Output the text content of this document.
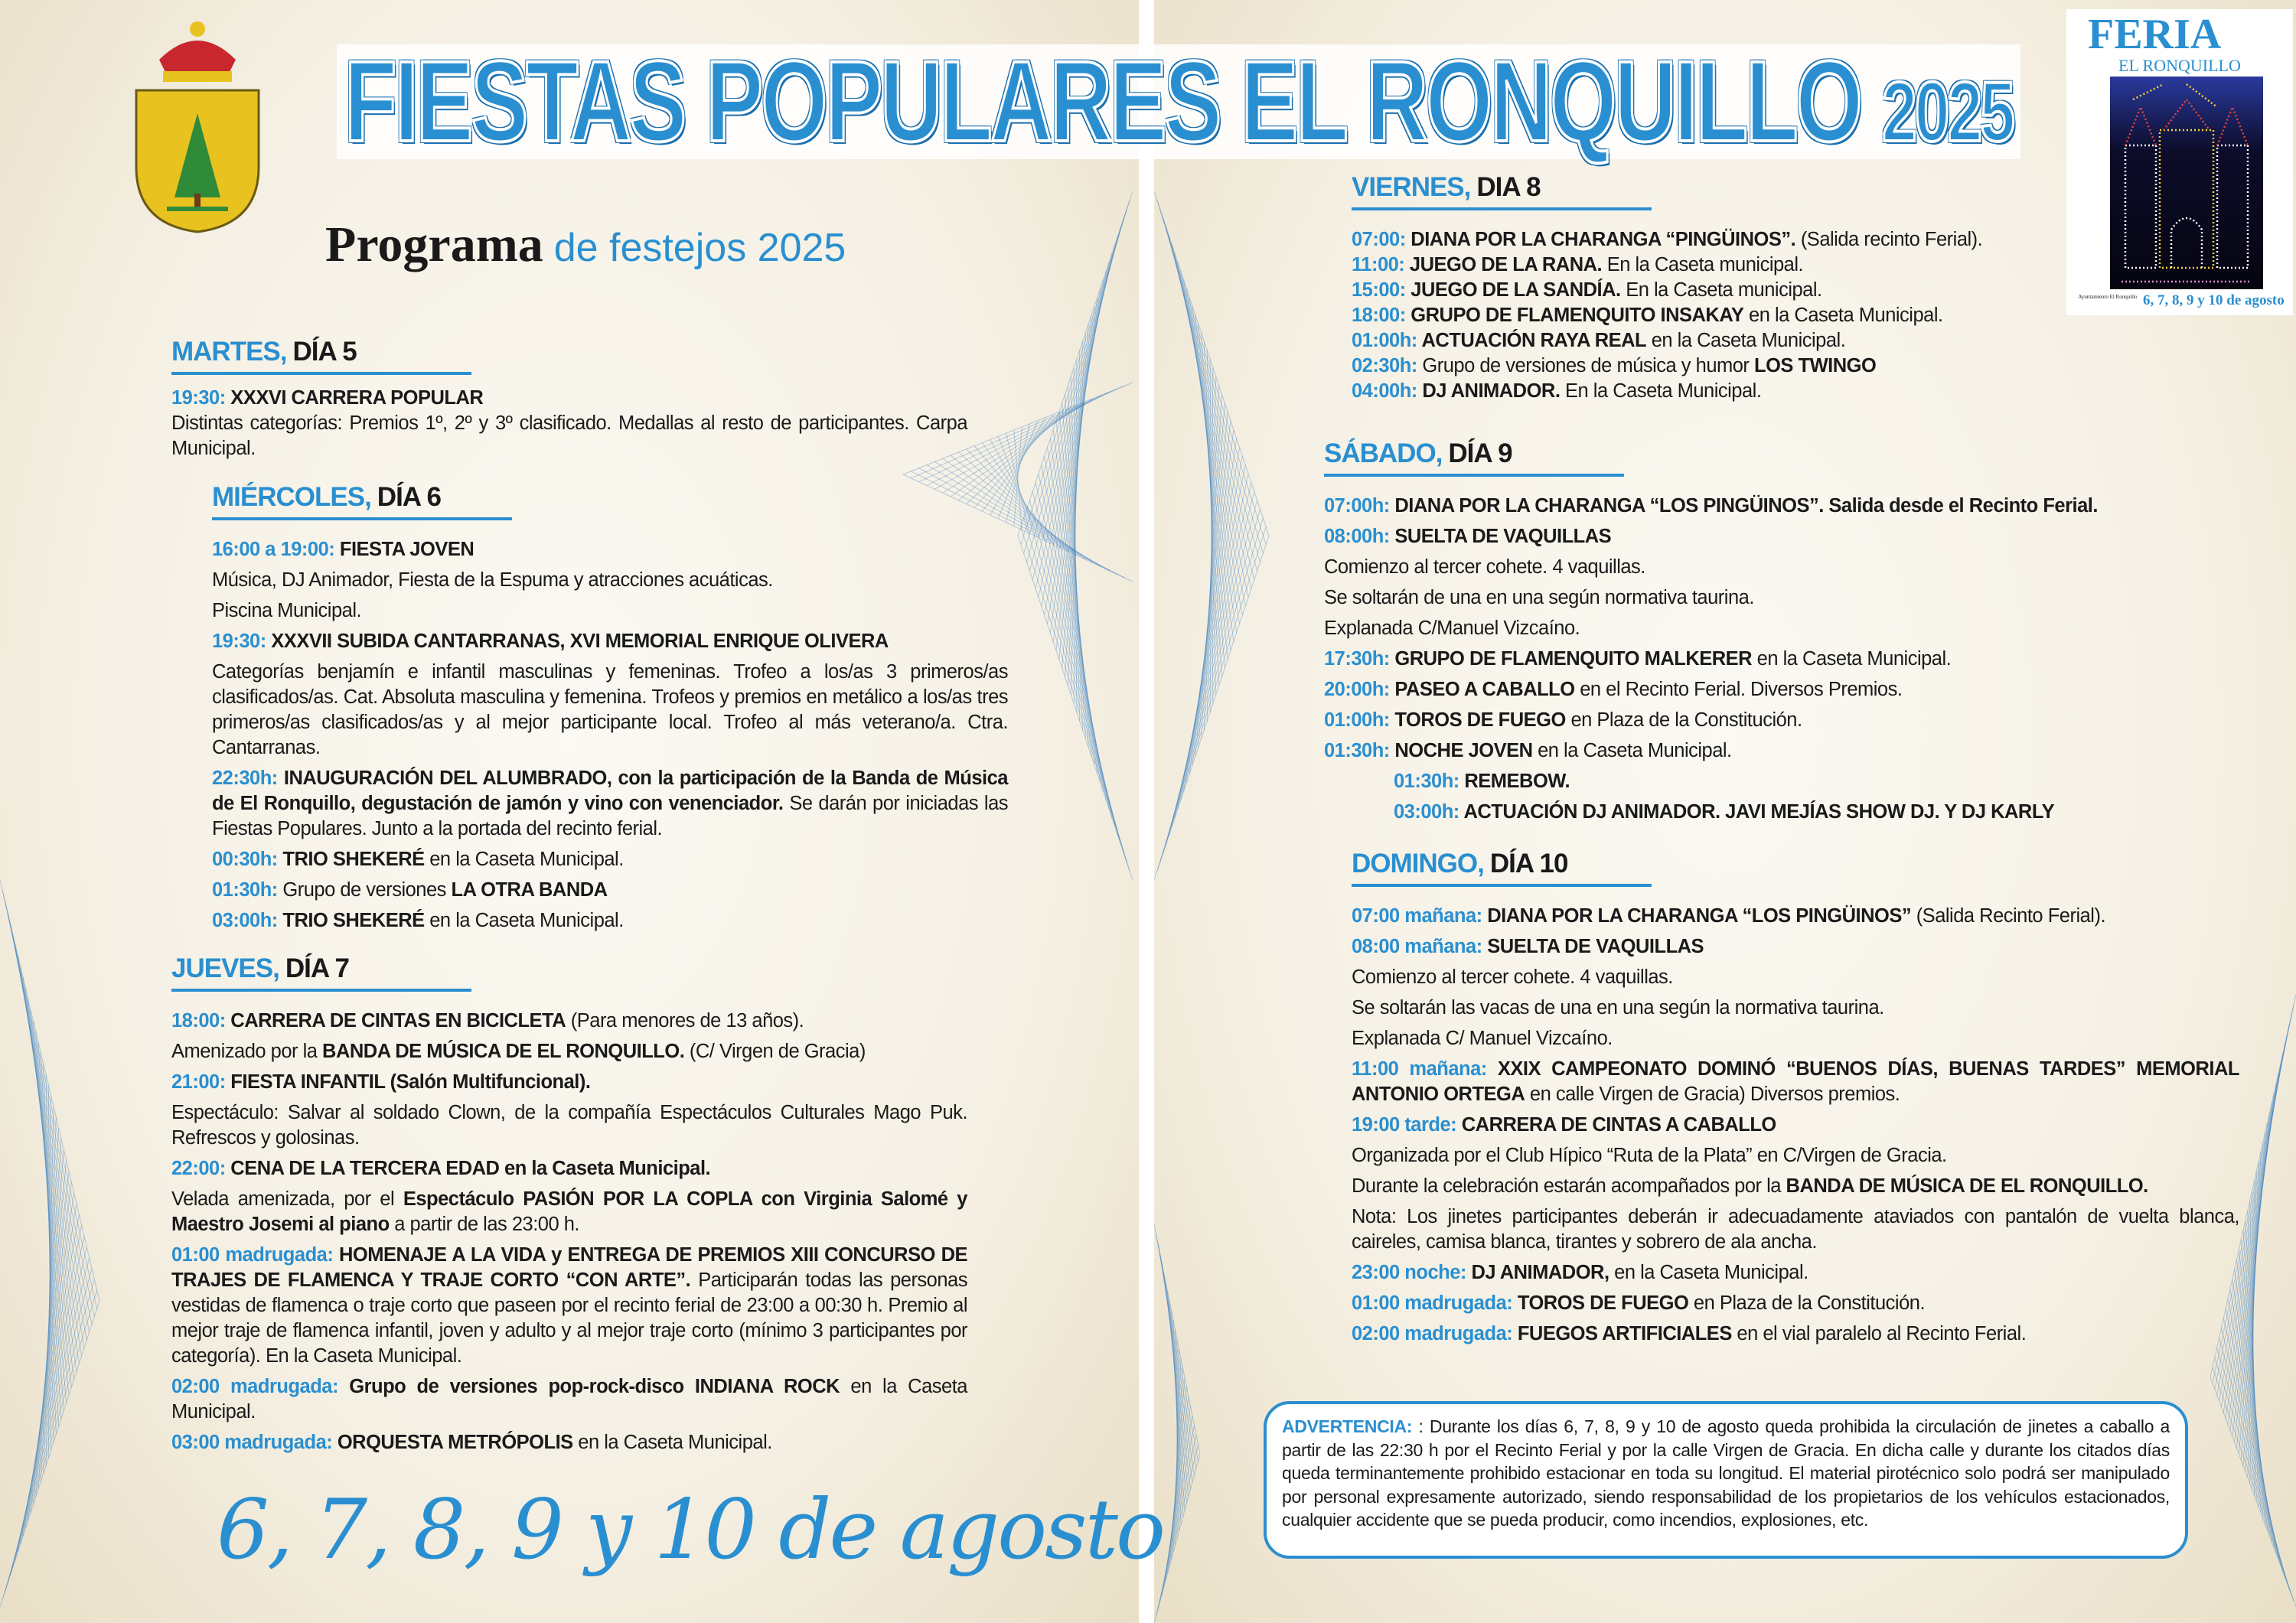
FIESTAS POPULARES EL RONQUILLO 2025
Programa de festejos 2025
MARTES, DÍA 5
19:30: XXXVI CARRERA POPULAR
Distintas categorías: Premios 1º, 2º y 3º clasificado. Medallas al resto de participantes. Carpa Municipal.
MIÉRCOLES, DÍA 6
16:00 a 19:00: FIESTA JOVEN
Música, DJ Animador, Fiesta de la Espuma y atracciones acuáticas.
Piscina Municipal.
19:30: XXXVII SUBIDA CANTARRANAS, XVI MEMORIAL ENRIQUE OLIVERA
Categorías benjamín e infantil masculinas y femeninas. Trofeo a los/as 3 primeros/as clasificados/as. Cat. Absoluta masculina y femenina. Trofeos y premios en metálico a los/as tres primeros/as clasificados/as y al mejor participante local. Trofeo al más veterano/a. Ctra. Cantarranas.
22:30h: INAUGURACIÓN DEL ALUMBRADO, con la participación de la Banda de Música de El Ronquillo, degustación de jamón y vino con venenciador. Se darán por iniciadas las Fiestas Populares. Junto a la portada del recinto ferial.
00:30h: TRIO SHEKERÉ en la Caseta Municipal.
01:30h: Grupo de versiones LA OTRA BANDA
03:00h: TRIO SHEKERÉ en la Caseta Municipal.
JUEVES, DÍA 7
18:00: CARRERA DE CINTAS EN BICICLETA (Para menores de 13 años).
Amenizado por la BANDA DE MÚSICA DE EL RONQUILLO. (C/ Virgen de Gracia)
21:00: FIESTA INFANTIL (Salón Multifuncional).
Espectáculo: Salvar al soldado Clown, de la compañía Espectáculos Culturales Mago Puk. Refrescos y golosinas.
22:00: CENA DE LA TERCERA EDAD en la Caseta Municipal.
Velada amenizada, por el Espectáculo PASIÓN POR LA COPLA con Virginia Salomé y Maestro Josemi al piano a partir de las 23:00 h.
01:00 madrugada: HOMENAJE A LA VIDA y ENTREGA DE PREMIOS XIII CONCURSO DE TRAJES DE FLAMENCA Y TRAJE CORTO “CON ARTE”. Participarán todas las personas vestidas de flamenca o traje corto que paseen por el recinto ferial de 23:00 a 00:30 h. Premio al mejor traje de flamenca infantil, joven y adulto y al mejor traje corto (mínimo 3 participantes por categoría). En la Caseta Municipal.
02:00 madrugada: Grupo de versiones pop-rock-disco INDIANA ROCK en la Caseta Municipal.
03:00 madrugada: ORQUESTA METRÓPOLIS en la Caseta Municipal.
VIERNES, DIA 8
07:00: DIANA POR LA CHARANGA “PINGÜINOS”. (Salida recinto Ferial).
11:00: JUEGO DE LA RANA. En la Caseta municipal.
15:00: JUEGO DE LA SANDÍA. En la Caseta municipal.
18:00: GRUPO DE FLAMENQUITO INSAKAY en la Caseta Municipal.
01:00h: ACTUACIÓN RAYA REAL en la Caseta Municipal.
02:30h: Grupo de versiones de música y humor LOS TWINGO
04:00h: DJ ANIMADOR. En la Caseta Municipal.
SÁBADO, DÍA 9
07:00h: DIANA POR LA CHARANGA “LOS PINGÜINOS”. Salida desde el Recinto Ferial.
08:00h: SUELTA DE VAQUILLAS
Comienzo al tercer cohete. 4 vaquillas.
Se soltarán de una en una según normativa taurina.
Explanada C/Manuel Vizcaíno.
17:30h: GRUPO DE FLAMENQUITO MALKERER en la Caseta Municipal.
20:00h: PASEO A CABALLO en el Recinto Ferial. Diversos Premios.
01:00h: TOROS DE FUEGO en Plaza de la Constitución.
01:30h: NOCHE JOVEN en la Caseta Municipal.
01:30h: REMEBOW.
03:00h: ACTUACIÓN DJ ANIMADOR. JAVI MEJÍAS SHOW DJ. Y DJ KARLY
DOMINGO, DÍA 10
07:00 mañana: DIANA POR LA CHARANGA “LOS PINGÜINOS” (Salida Recinto Ferial).
08:00 mañana: SUELTA DE VAQUILLAS
Comienzo al tercer cohete. 4 vaquillas.
Se soltarán las vacas de una en una según la normativa taurina.
Explanada C/ Manuel Vizcaíno.
11:00 mañana: XXIX CAMPEONATO DOMINÓ “BUENOS DÍAS, BUENAS TARDES” MEMORIAL ANTONIO ORTEGA en calle Virgen de Gracia) Diversos premios.
19:00 tarde: CARRERA DE CINTAS A CABALLO
Organizada por el Club Hípico “Ruta de la Plata” en C/Virgen de Gracia.
Durante la celebración estarán acompañados por la BANDA DE MÚSICA DE EL RONQUILLO.
Nota: Los jinetes participantes deberán ir adecuadamente ataviados con pantalón de vuelta blanca, caireles, camisa blanca, tirantes y sobrero de ala ancha.
23:00 noche: DJ ANIMADOR, en la Caseta Municipal.
01:00 madrugada: TOROS DE FUEGO en Plaza de la Constitución.
02:00 madrugada: FUEGOS ARTIFICIALES en el vial paralelo al Recinto Ferial.
6, 7, 8, 9 y 10 de agosto
ADVERTENCIA: : Durante los días 6, 7, 8, 9 y 10 de agosto queda prohibida la circulación de jinetes a caballo a partir de las 22:30 h por el Recinto Ferial y por la calle Virgen de Gracia. En dicha calle y durante los citados días queda terminantemente prohibido estacionar en toda su longitud. El material pirotécnico solo podrá ser manipulado por personal expresamente autorizado, siendo responsabilidad de los propietarios de los vehículos estacionados, cualquier accidente que se pueda producir, como incendios, explosiones, etc.
FERIA
EL RONQUILLO
Ayuntamiento El Ronquillo 6, 7, 8, 9 y 10 de agosto
